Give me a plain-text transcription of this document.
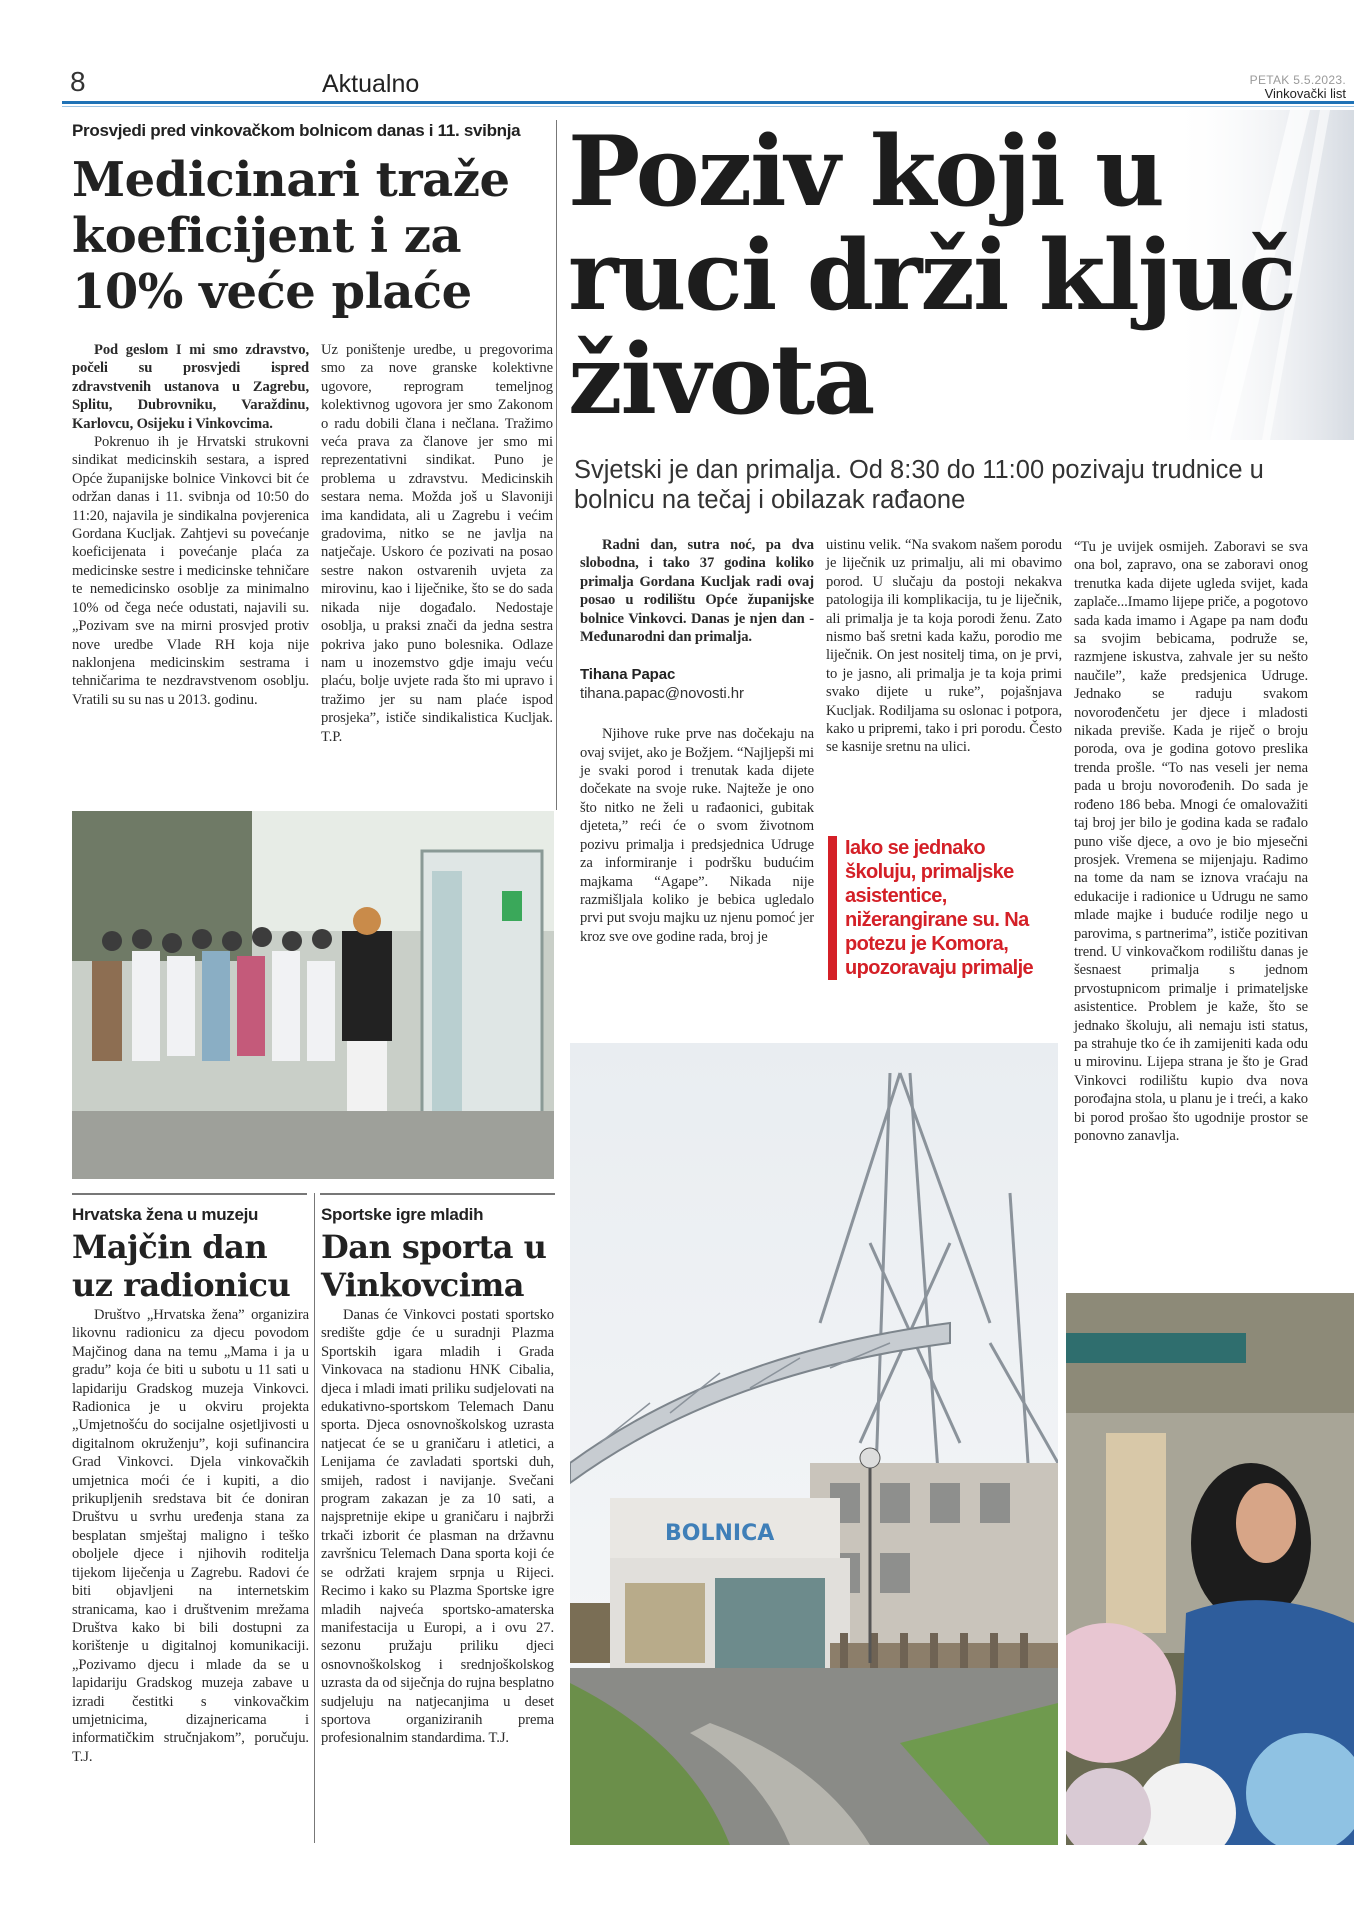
8	Aktualno	PETAK 5.5.2023.
Vinkovački list
Prosvjedi pred vinkovačkom bolnicom danas i 11. svibnja
Medicinari traže koeficijent i za 10% veće plaće

Pod geslom I mi smo zdravstvo, počeli su prosvjedi ispred zdravstvenih ustanova u Zagrebu, Splitu, Dubrovniku, Varaždinu, Karlovcu, Osijeku i Vinkovcima.

Pokrenuo ih je Hrvatski strukovni sindikat medicinskih sestara, a ispred Opće županijske bolnice Vinkovci bit će održan danas i 11. svibnja od 10:50 do 11:20, najavila je sindikalna povjerenica Gordana Kucljak. Zahtjevi su povećanje koeficijenata i povećanje plaća za medicinske sestre i medicinske tehničare te nemedicinsko osoblje za minimalno 10% od čega neće odustati, najavili su. „Pozivam sve na mirni prosvjed protiv nove uredbe Vlade RH koja nije naklonjena medicinskim sestrama i tehničarima te nezdravstvenom osoblju. Vratili su su nas u 2013. godinu.

Uz poništenje uredbe, u pregovorima smo za nove granske kolektivne ugovore, reprogram temeljnog kolektivnog ugovora jer smo Zakonom o radu dobili člana i nečlana. Tražimo veća prava za članove jer smo mi reprezentativni sindikat. Puno je problema u zdravstvu. Medicinskih sestara nema. Možda još u Slavoniji ima kandidata, ali u Zagrebu i većim gradovima, nitko se ne javlja na natječaje. Uskoro će pozivati na posao sestre nakon ostvarenih uvjeta za mirovinu, kao i liječnike, što se do sada nikada nije događalo. Nedostaje osoblja, u praksi znači da jedna sestra pokriva jako puno bolesnika. Odlaze nam u inozemstvo gdje imaju veću plaću, bolje uvjete rada što mi upravo i tražimo jer su nam plaće ispod prosjeka”, ističe sindikalistica Kucljak. T.P.

Poziv koji u ruci drži ključ života
Svjetski je dan primalja. Od 8:30 do 11:00 pozivaju trudnice u bolnicu na tečaj i obilazak rađaone

Radni dan, sutra noć, pa dva slobodna, i tako 37 godina koliko primalja Gordana Kucljak radi ovaj posao u rodilištu Opće županijske bolnice Vinkovci. Danas je njen dan - Međunarodni dan primalja.

Tihana Papac
tihana.papac@novosti.hr

Njihove ruke prve nas dočekaju na ovaj svijet, ako je Božjem. “Najljepši mi je svaki porod i trenutak kada dijete dočekate na svoje ruke. Najteže je ono što nitko ne želi u rađaonici, gubitak djeteta,” reći će o svom životnom pozivu primalja i predsjednica Udruge za informiranje i podršku budućim majkama “Agape”. Nikada nije razmišljala koliko je bebica ugledalo prvi put svoju majku uz njenu pomoć jer kroz sve ove godine rada, broj je

uistinu velik. “Na svakom našem porodu je liječnik uz primalju, ali mi obavimo porod. U slučaju da postoji nekakva patologija ili komplikacija, tu je liječnik, ali primalja je ta koja porodi ženu. Zato nismo baš sretni kada kažu, porodio me liječnik. On jest nositelj tima, on je prvi, to je jasno, ali primalja je ta koja primi svako dijete u ruke”, pojašnjava Kucljak. Rodiljama su oslonac i potpora, kako u pripremi, tako i pri porodu. Često se kasnije sretnu na ulici.

Iako se jednako školuju, primaljske asistentice, nižerangirane su. Na potezu je Komora, upozoravaju primalje

“Tu je uvijek osmijeh. Zaboravi se sva ona bol, zapravo, ona se zaboravi onog trenutka kada dijete ugleda svijet, kada zaplače...Imamo lijepe priče, a pogotovo sada kada imamo i Agape pa nam dođu sa svojim bebicama, podruže se, razmjene iskustva, zahvale jer su nešto naučile”, kaže predsjenica Udruge. Jednako se raduju svakom novorođenčetu jer djece i mladosti nikada previše. Kada je riječ o broju poroda, ova je godina gotovo preslika trenda prošle. “To nas veseli jer nema pada u broju novorođenih. Do sada je rođeno 186 beba. Mnogi će omalovažiti taj broj jer bilo je godina kada se rađalo puno više djece, a ovo je bio mjesečni prosjek. Vremena se mijenjaju. Radimo na tome da nam se iznova vraćaju na edukacije i radionice u Udrugu ne samo mlade majke i buduće rodilje nego u parovima, s partnerima”, ističe pozitivan trend. U vinkovačkom rodilištu danas je šesnaest primalja s jednom prvostupnicom primalje i primateljske asistentice. Problem je kaže, što se jednako školuju, ali nemaju isti status, pa strahuje tko će ih zamijeniti kada odu u mirovinu. Lijepa strana je što je Grad Vinkovci rodilištu kupio dva nova porođajna stola, u planu je i treći, a kako bi porod prošao što ugodnije prostor se ponovno zanavlja.

BOLNICA
Hrvatska žena u muzeju
Majčin dan uz radionicu

Društvo „Hrvatska žena” organizira likovnu radionicu za djecu povodom Majčinog dana na temu „Mama i ja u gradu” koja će biti u subotu u 11 sati u lapidariju Gradskog muzeja Vinkovci. Radionica je u okviru projekta „Umjetnošću do socijalne osjetljivosti u digitalnom okruženju”, koji sufinancira Grad Vinkovci. Djela vinkovačkih umjetnica moći će i kupiti, a dio prikupljenih sredstava bit će doniran Društvu u svrhu uređenja stana za besplatan smještaj maligno i teško oboljele djece i njihovih roditelja tijekom liječenja u Zagrebu. Radovi će biti objavljeni na internetskim stranicama, kao i društvenim mrežama Društva kako bi bili dostupni za korištenje u digitalnoj komunikaciji. „Pozivamo djecu i mlade da se u lapidariju Gradskog muzeja zabave u izradi čestitki s vinkovačkim umjetnicima, dizajnericama i informatičkim stručnjakom”, poručuju. T.J.

Sportske igre mladih
Dan sporta u Vinkovcima

Danas će Vinkovci postati sportsko središte gdje će u suradnji Plazma Sportskih igara mladih i Grada Vinkovaca na stadionu HNK Cibalia, djeca i mladi imati priliku sudjelovati na edukativno-sportskom Telemach Danu sporta. Djeca osnovnoškolskog uzrasta natjecat će se u graničaru i atletici, a Lenijama će zavladati sportski duh, smijeh, radost i navijanje. Svečani program zakazan je za 10 sati, a najspretnije ekipe u graničaru i najbrži trkači izborit će plasman na državnu završnicu Telemach Dana sporta koji će se održati krajem srpnja u Rijeci. Recimo i kako su Plazma Sportske igre mladih najveća sportsko-amaterska manifestacija u Europi, a i ovu 27. sezonu pružaju priliku djeci osnovnoškolskog i srednjoškolskog uzrasta da od siječnja do rujna besplatno sudjeluju na natjecanjima u deset sportova organiziranih prema profesionalnim standardima. T.J.
